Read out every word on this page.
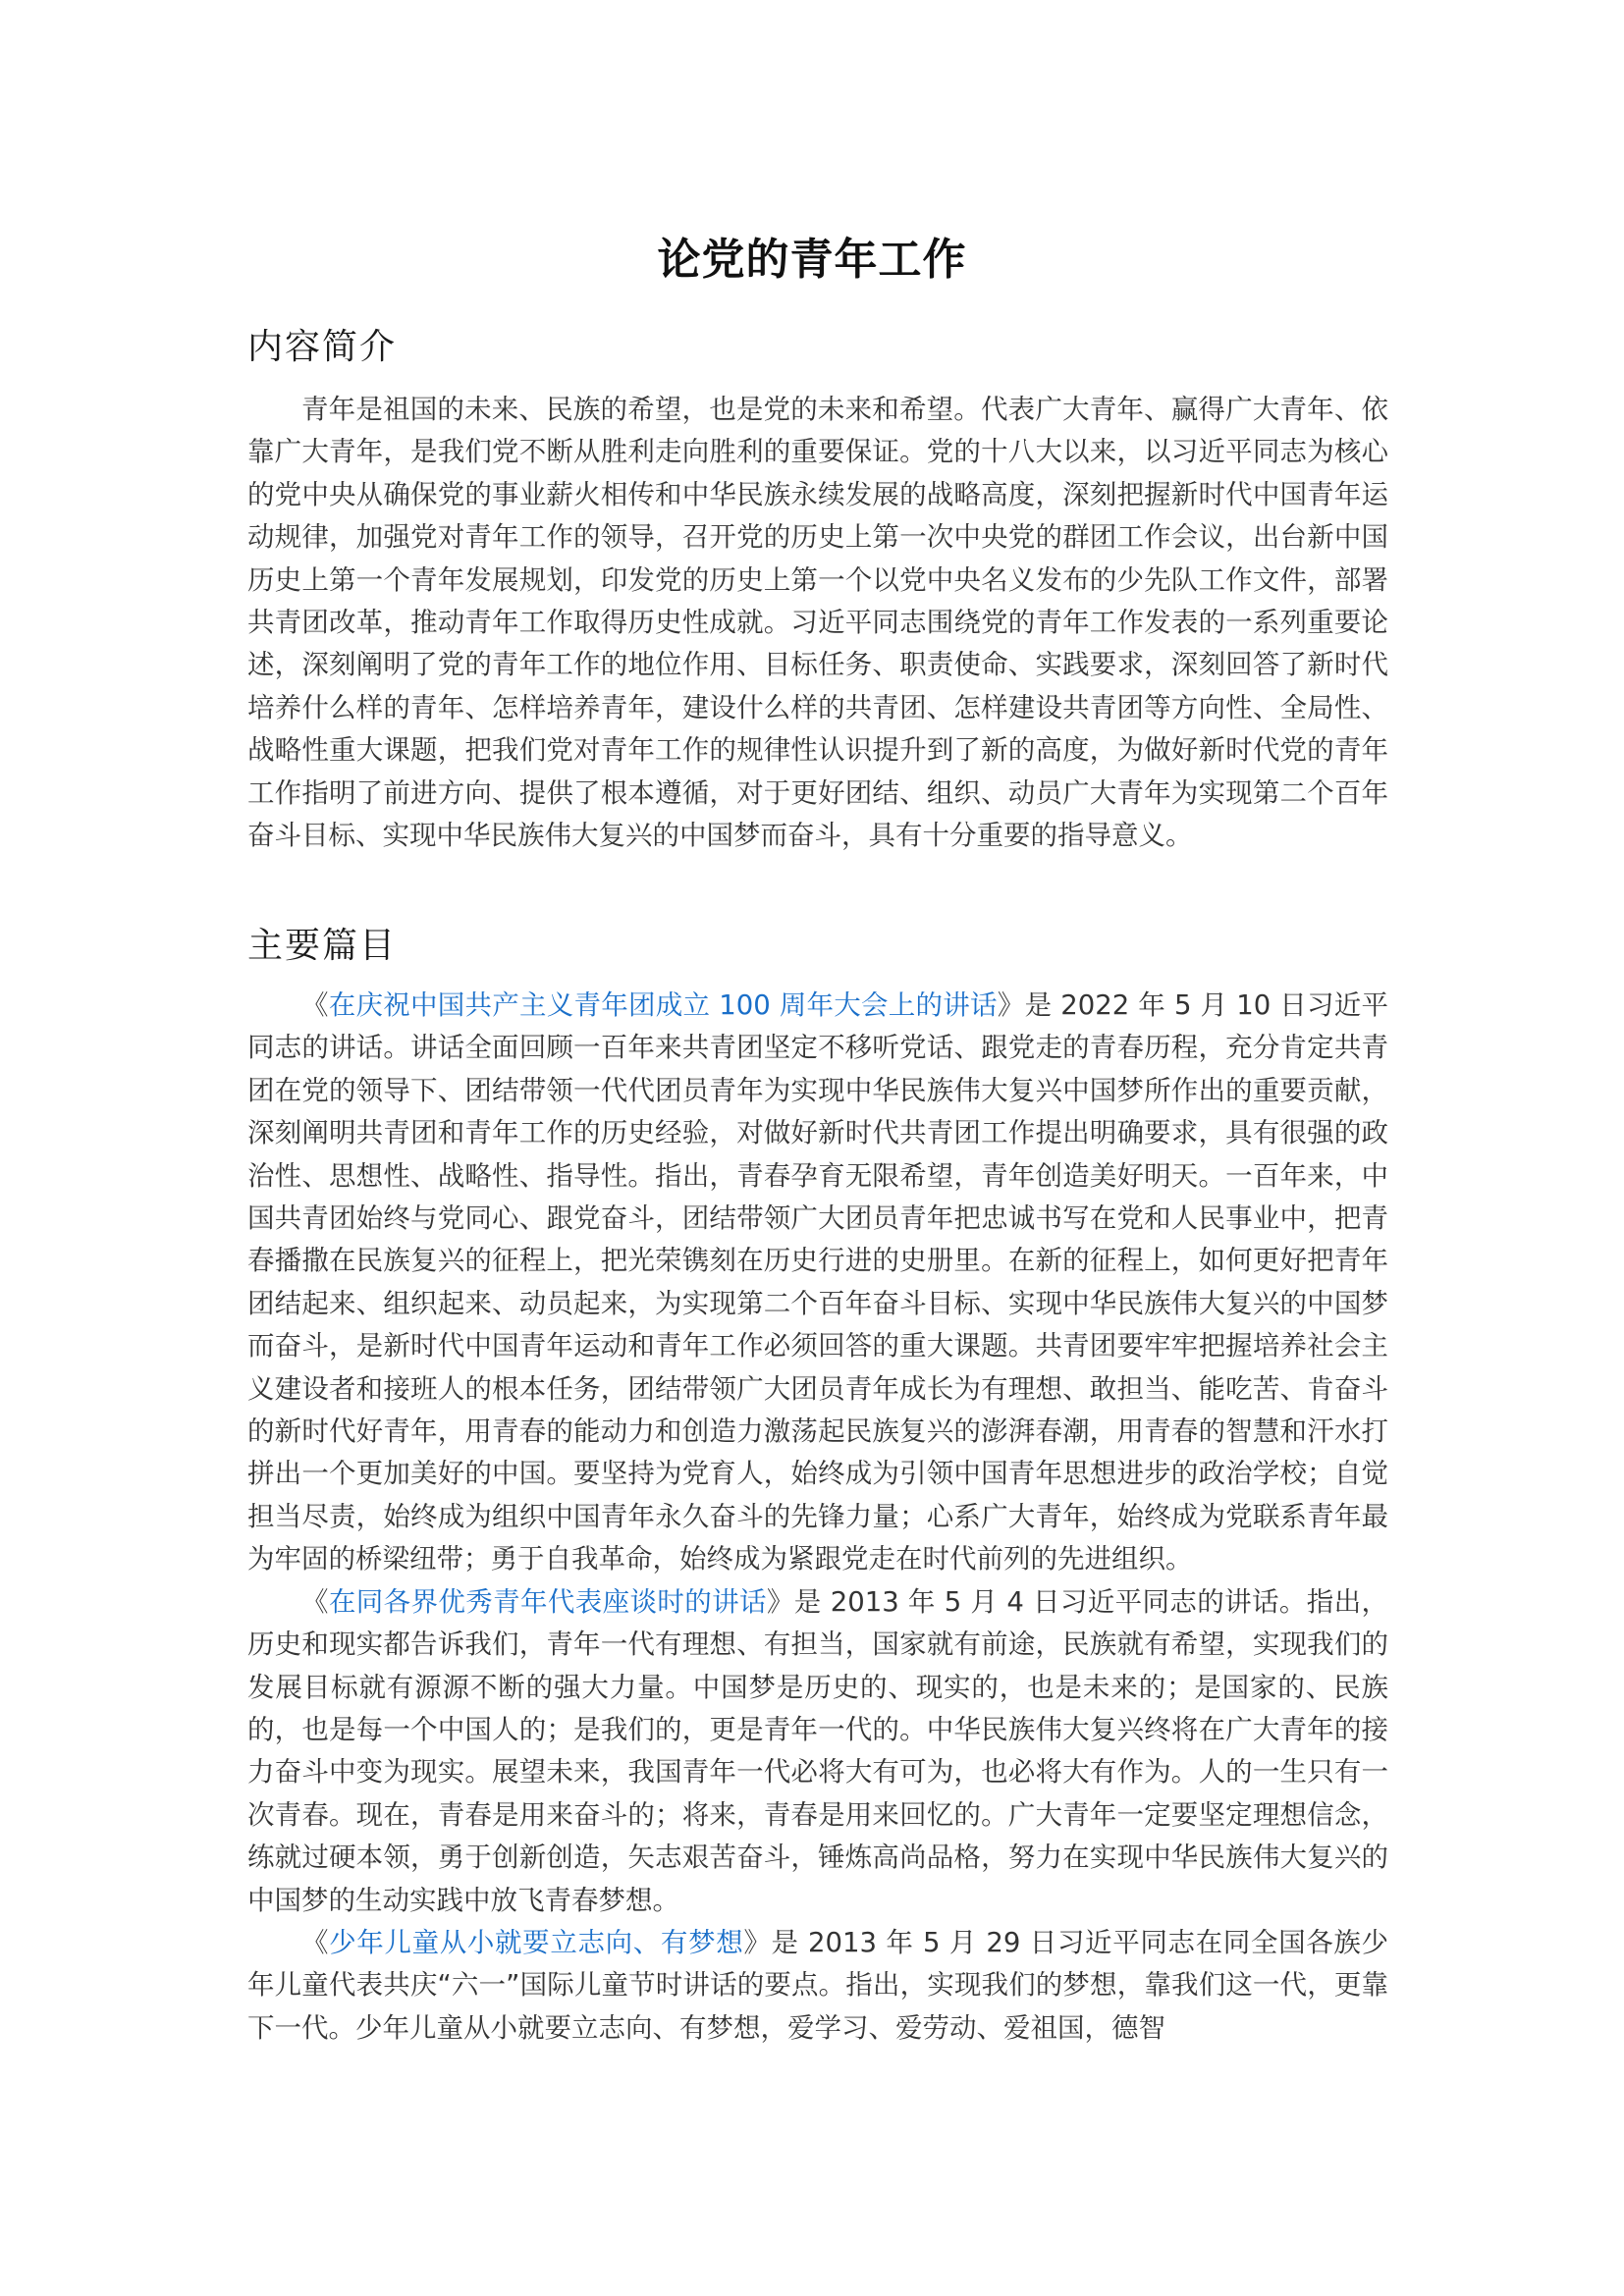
论党的青年工作
内容简介

青年是祖国的未来、民族的希望，也是党的未来和希望。代表广大青年、赢得广大青年、依靠广大青年，是我们党不断从胜利走向胜利的重要保证。党的十八大以来，以习近平同志为核心的党中央从确保党的事业薪火相传和中华民族永续发展的战略高度，深刻把握新时代中国青年运动规律，加强党对青年工作的领导，召开党的历史上第一次中央党的群团工作会议，出台新中国历史上第一个青年发展规划，印发党的历史上第一个以党中央名义发布的少先队工作文件，部署共青团改革，推动青年工作取得历史性成就。习近平同志围绕党的青年工作发表的一系列重要论述，深刻阐明了党的青年工作的地位作用、目标任务、职责使命、实践要求，深刻回答了新时代培养什么样的青年、怎样培养青年，建设什么样的共青团、怎样建设共青团等方向性、全局性、战略性重大课题，把我们党对青年工作的规律性认识提升到了新的高度，为做好新时代党的青年工作指明了前进方向、提供了根本遵循，对于更好团结、组织、动员广大青年为实现第二个百年奋斗目标、实现中华民族伟大复兴的中国梦而奋斗，具有十分重要的指导意义。

主要篇目

《在庆祝中国共产主义青年团成立 100 周年大会上的讲话》是 2022 年 5 月 10 日习近平同志的讲话。讲话全面回顾一百年来共青团坚定不移听党话、跟党走的青春历程，充分肯定共青团在党的领导下、团结带领一代代团员青年为实现中华民族伟大复兴中国梦所作出的重要贡献，深刻阐明共青团和青年工作的历史经验，对做好新时代共青团工作提出明确要求，具有很强的政治性、思想性、战略性、指导性。指出，青春孕育无限希望，青年创造美好明天。一百年来，中国共青团始终与党同心、跟党奋斗，团结带领广大团员青年把忠诚书写在党和人民事业中，把青春播撒在民族复兴的征程上，把光荣镌刻在历史行进的史册里。在新的征程上，如何更好把青年团结起来、组织起来、动员起来，为实现第二个百年奋斗目标、实现中华民族伟大复兴的中国梦而奋斗，是新时代中国青年运动和青年工作必须回答的重大课题。共青团要牢牢把握培养社会主义建设者和接班人的根本任务，团结带领广大团员青年成长为有理想、敢担当、能吃苦、肯奋斗的新时代好青年，用青春的能动力和创造力激荡起民族复兴的澎湃春潮，用青春的智慧和汗水打拼出一个更加美好的中国。要坚持为党育人，始终成为引领中国青年思想进步的政治学校；自觉担当尽责，始终成为组织中国青年永久奋斗的先锋力量；心系广大青年，始终成为党联系青年最为牢固的桥梁纽带；勇于自我革命，始终成为紧跟党走在时代前列的先进组织。

《在同各界优秀青年代表座谈时的讲话》是 2013 年 5 月 4 日习近平同志的讲话。指出，历史和现实都告诉我们，青年一代有理想、有担当，国家就有前途，民族就有希望，实现我们的发展目标就有源源不断的强大力量。中国梦是历史的、现实的，也是未来的；是国家的、民族的，也是每一个中国人的；是我们的，更是青年一代的。中华民族伟大复兴终将在广大青年的接力奋斗中变为现实。展望未来，我国青年一代必将大有可为，也必将大有作为。人的一生只有一次青春。现在，青春是用来奋斗的；将来，青春是用来回忆的。广大青年一定要坚定理想信念，练就过硬本领，勇于创新创造，矢志艰苦奋斗，锤炼高尚品格，努力在实现中华民族伟大复兴的中国梦的生动实践中放飞青春梦想。

《少年儿童从小就要立志向、有梦想》是 2013 年 5 月 29 日习近平同志在同全国各族少年儿童代表共庆“六一”国际儿童节时讲话的要点。指出，实现我们的梦想，靠我们这一代，更靠下一代。少年儿童从小就要立志向、有梦想，爱学习、爱劳动、爱祖国，德智
